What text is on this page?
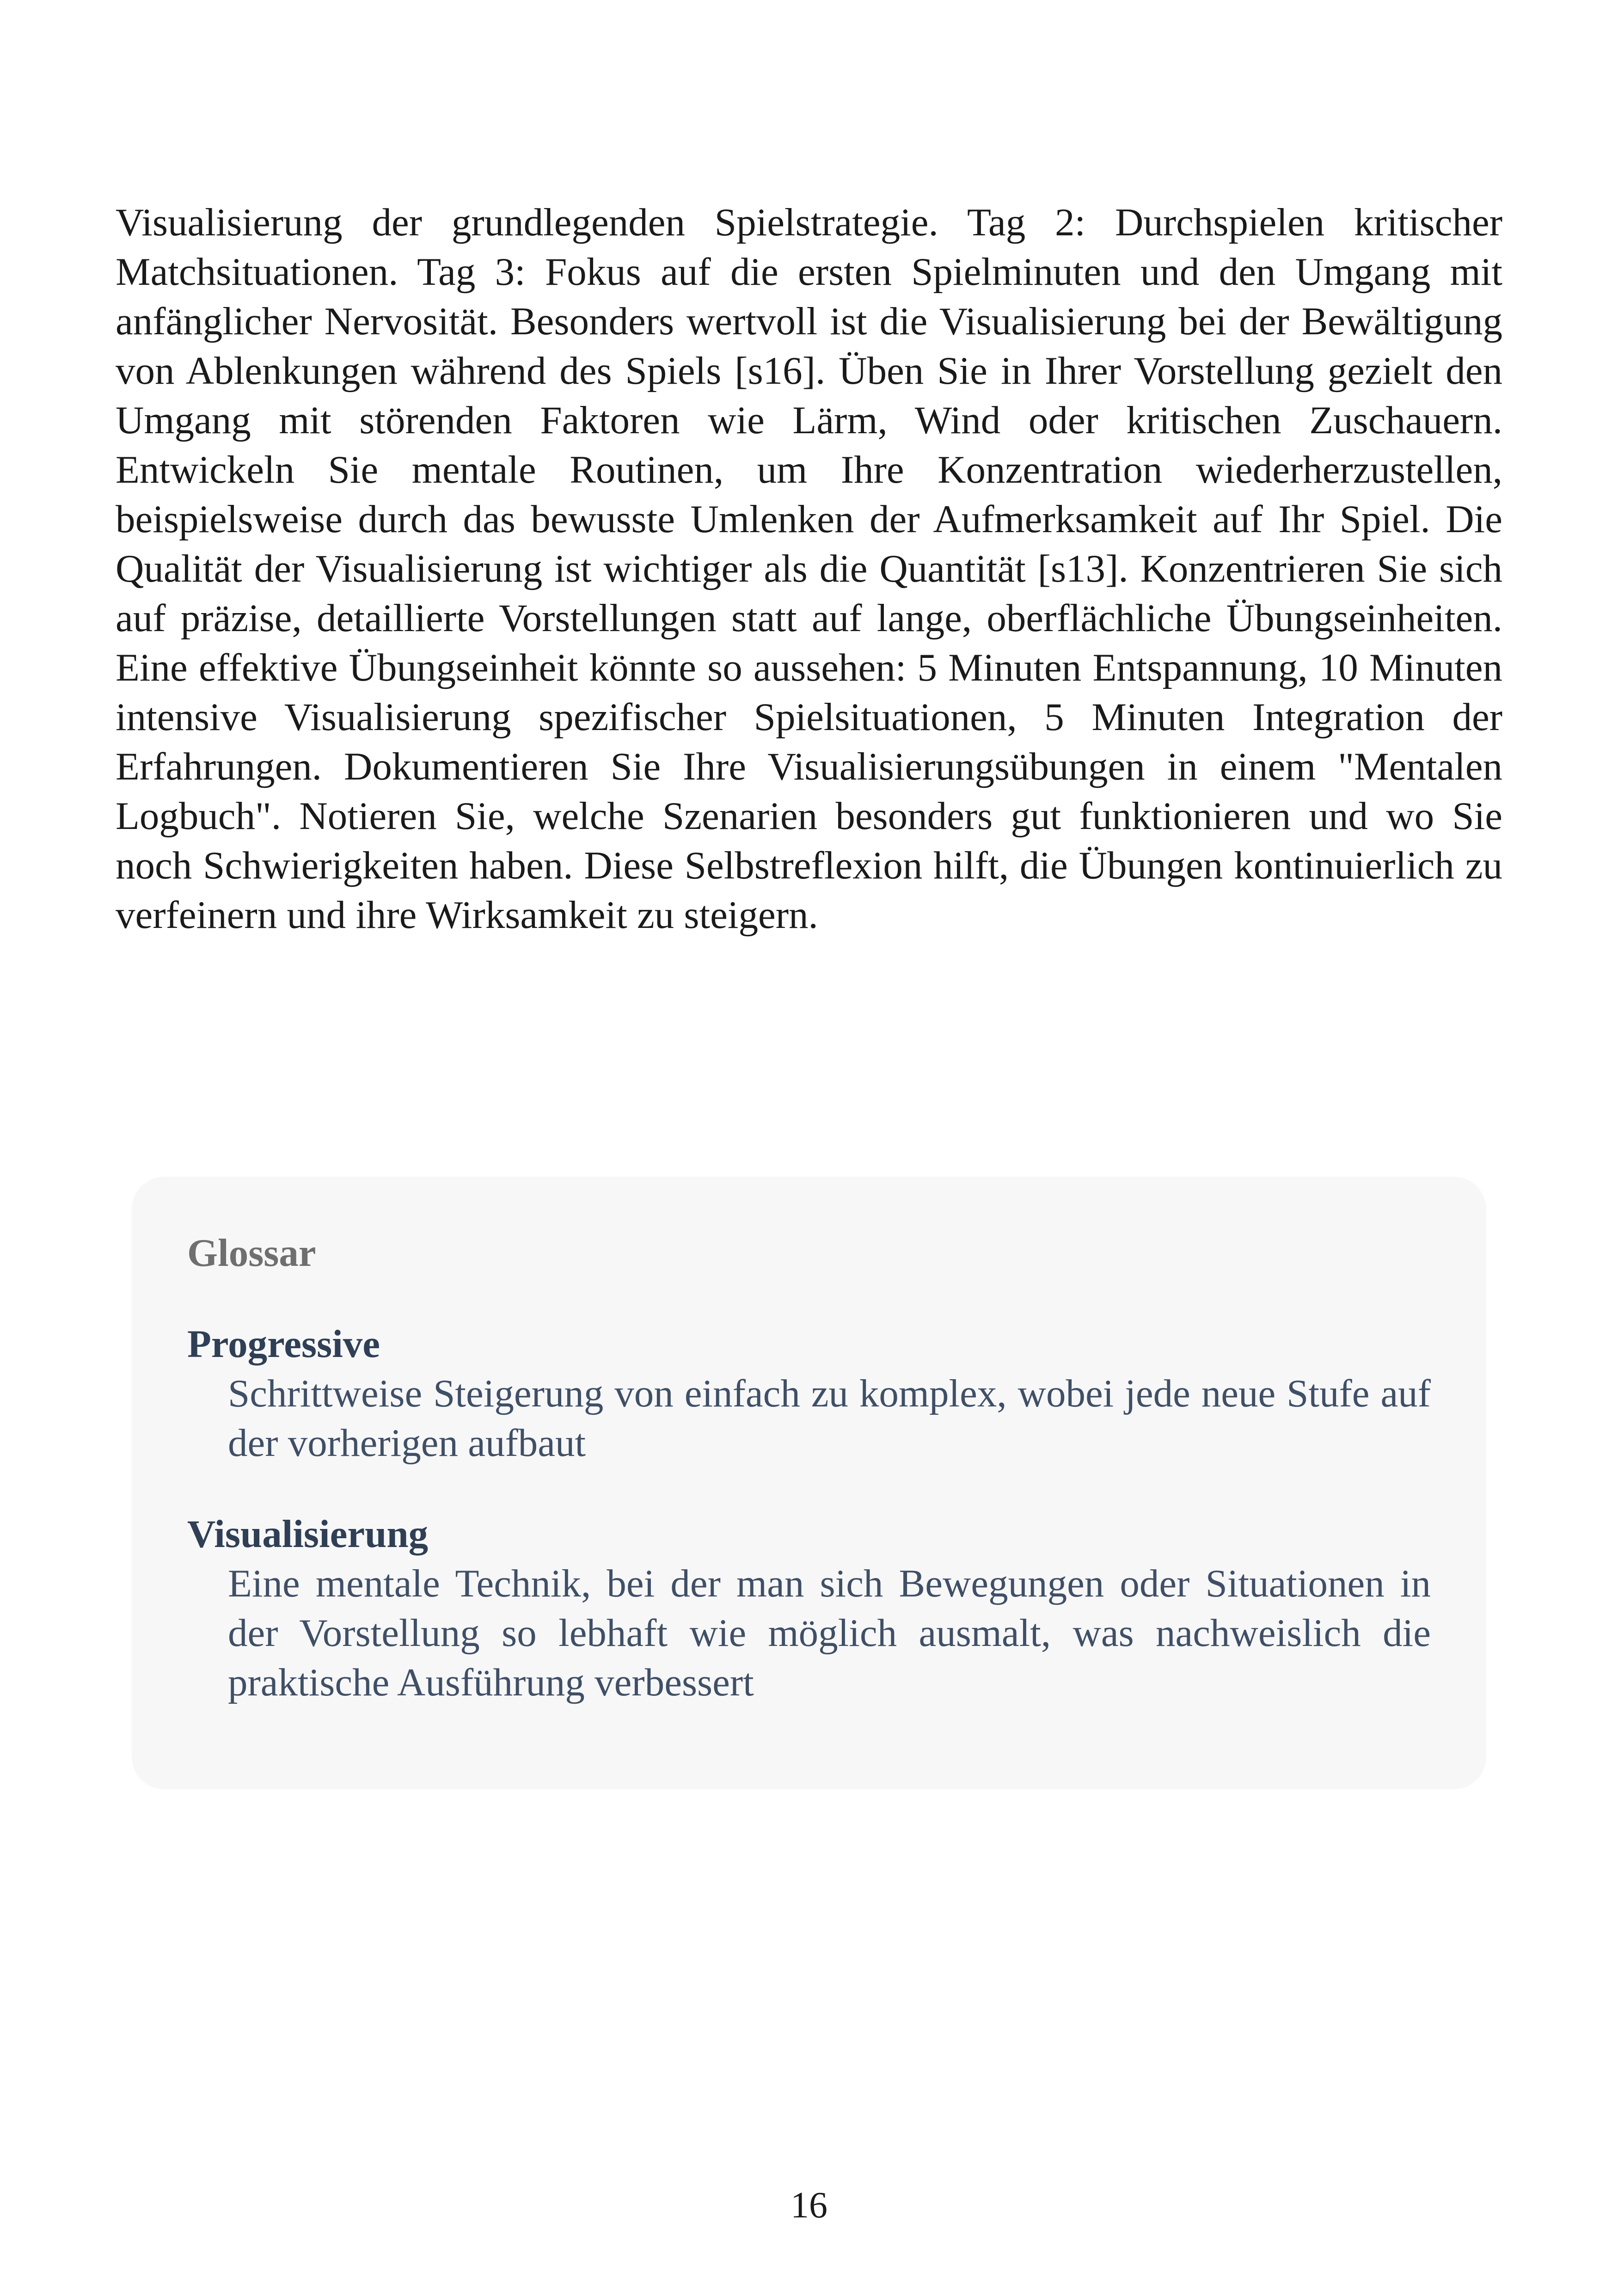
Visualisierung der grundlegenden Spielstrategie. Tag 2: Durchspielen kritischer Matchsituationen. Tag 3: Fokus auf die ersten Spielminuten und den Umgang mit anfänglicher Nervosität. Besonders wertvoll ist die Visualisierung bei der Bewältigung von Ablenkungen während des Spiels [s16]. Üben Sie in Ihrer Vorstellung gezielt den Umgang mit störenden Faktoren wie Lärm, Wind oder kritischen Zuschauern. Entwickeln Sie mentale Routinen, um Ihre Konzentration wiederherzustellen, beispielsweise durch das bewusste Umlenken der Aufmerksamkeit auf Ihr Spiel. Die Qualität der Visualisierung ist wichtiger als die Quantität [s13]. Konzentrieren Sie sich auf präzise, detaillierte Vorstellungen statt auf lange, oberflächliche Übungseinheiten. Eine effektive Übungseinheit könnte so aussehen: 5 Minuten Entspannung, 10 Minuten intensive Visualisierung spezifischer Spielsituationen, 5 Minuten Integration der Erfahrungen. Dokumentieren Sie Ihre Visualisierungsübungen in einem "Mentalen Logbuch". Notieren Sie, welche Szenarien besonders gut funktionieren und wo Sie noch Schwierigkeiten haben. Diese Selbstreflexion hilft, die Übungen kontinuierlich zu verfeinern und ihre Wirksamkeit zu steigern.

Glossar
Progressive
Schrittweise Steigerung von einfach zu komplex, wobei jede neue Stufe auf der vorherigen aufbaut
Visualisierung
Eine mentale Technik, bei der man sich Bewegungen oder Situationen in der Vorstellung so lebhaft wie möglich ausmalt, was nachweislich die praktische Ausführung verbessert
16
